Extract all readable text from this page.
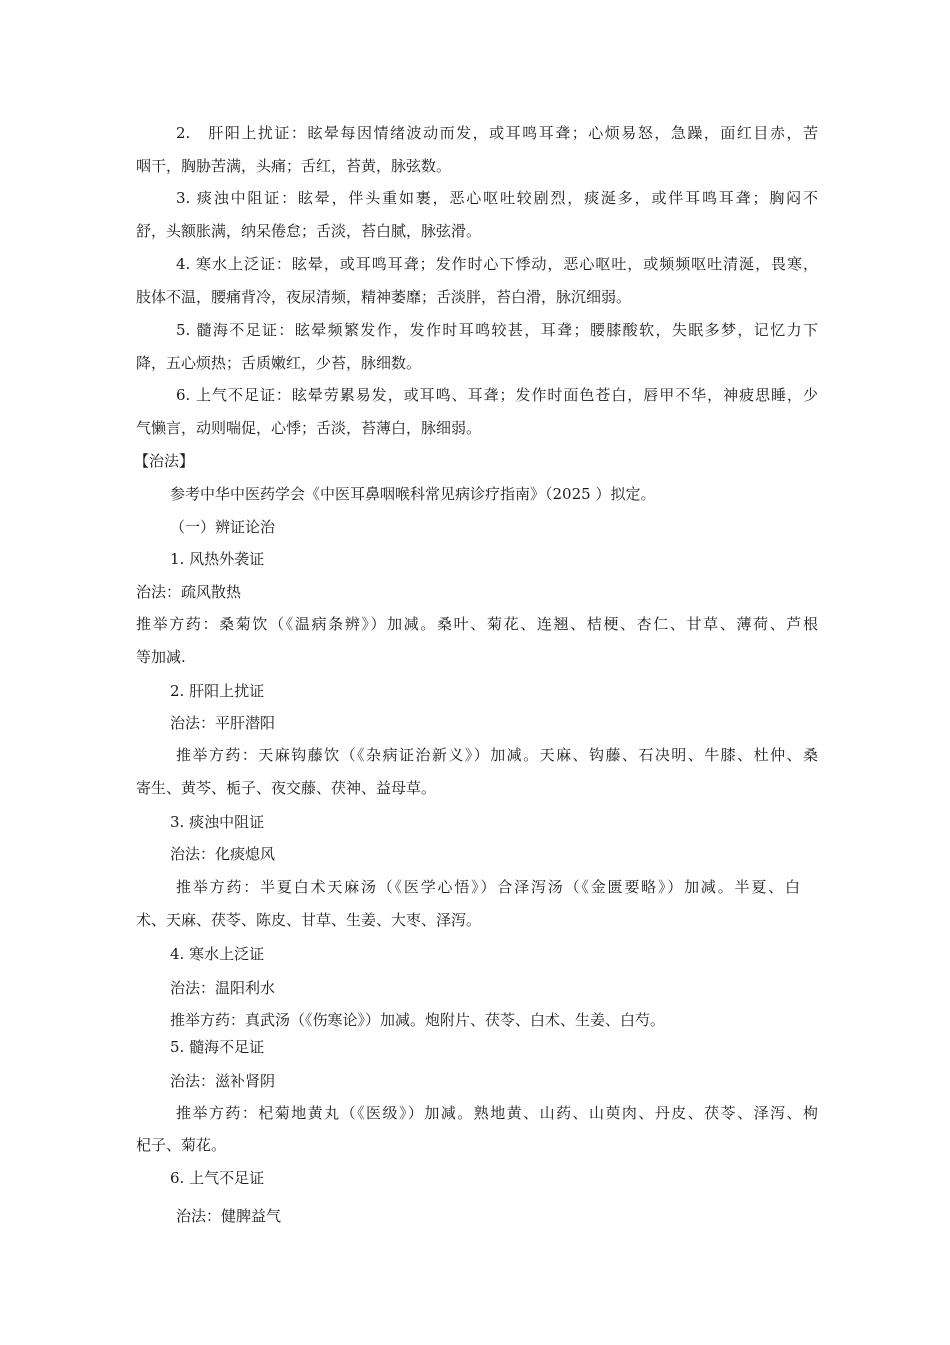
2.　肝阳上扰证：眩晕每因情绪波动而发，或耳鸣耳聋；心烦易怒，急躁，面红目赤，苦
咽干，胸胁苦满，头痛；舌红，苔黄，脉弦数。
3. 痰浊中阻证：眩晕，伴头重如裹，恶心呕吐较剧烈，痰涎多，或伴耳鸣耳聋；胸闷不
舒，头额胀满，纳呆倦怠；舌淡，苔白腻，脉弦滑。
4. 寒水上泛证：眩晕，或耳鸣耳聋；发作时心下悸动，恶心呕吐，或频频呕吐清涎，畏寒，
肢体不温，腰痛背冷，夜尿清频，精神萎靡；舌淡胖，苔白滑，脉沉细弱。
5. 髓海不足证：眩晕频繁发作，发作时耳鸣较甚，耳聋；腰膝酸软，失眠多梦，记忆力下
降，五心烦热；舌质嫩红，少苔，脉细数。
6. 上气不足证：眩晕劳累易发，或耳鸣、耳聋；发作时面色苍白，唇甲不华，神疲思睡，少
气懒言，动则喘促，心悸；舌淡，苔薄白，脉细弱。
【治法】
参考中华中医药学会《中医耳鼻咽喉科常见病诊疗指南》（2025 ）拟定。
（一）辨证论治
1. 风热外袭证
治法：疏风散热
推举方药：桑菊饮（《温病条辨》）加减。桑叶、菊花、连翘、桔梗、杏仁、甘草、薄荷、芦根
等加减.
2. 肝阳上扰证
治法：平肝潜阳
推举方药：天麻钩藤饮（《杂病证治新义》）加减。天麻、钩藤、石决明、牛膝、杜仲、桑
寄生、黄芩、栀子、夜交藤、茯神、益母草。
3. 痰浊中阻证
治法：化痰熄风
推举方药：半夏白术天麻汤（《医学心悟》）合泽泻汤（《金匮要略》）加减。半夏、白
术、天麻、茯苓、陈皮、甘草、生姜、大枣、泽泻。
4. 寒水上泛证
治法：温阳利水
推举方药：真武汤（《伤寒论》）加减。炮附片、茯苓、白术、生姜、白芍。
5. 髓海不足证
治法：滋补肾阴
推举方药：杞菊地黄丸（《医级》）加减。熟地黄、山药、山萸肉、丹皮、茯苓、泽泻、枸
杞子、菊花。
6. 上气不足证
治法：健脾益气
